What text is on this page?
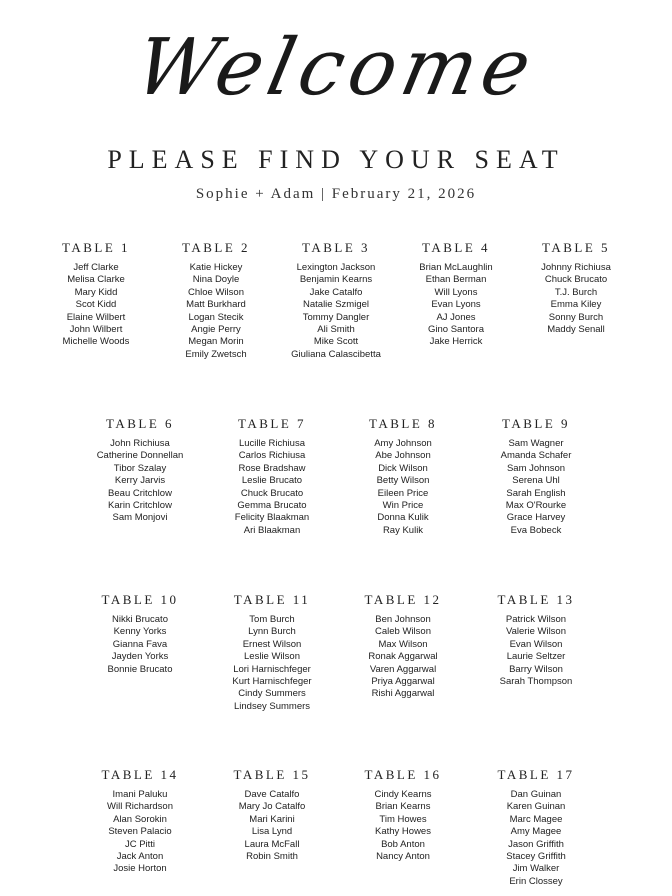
Welcome
PLEASE FIND YOUR SEAT
Sophie + Adam | February 21, 2026
TABLE 1
Jeff Clarke
Melisa Clarke
Mary Kidd
Scot Kidd
Elaine Wilbert
John Wilbert
Michelle Woods
TABLE 2
Katie Hickey
Nina Doyle
Chloe Wilson
Matt Burkhard
Logan Stecik
Angie Perry
Megan Morin
Emily Zwetsch
TABLE 3
Lexington Jackson
Benjamin Kearns
Jake Catalfo
Natalie Szmigel
Tommy Dangler
Ali Smith
Mike Scott
Giuliana Calascibetta
TABLE 4
Brian McLaughlin
Ethan Berman
Will Lyons
Evan Lyons
AJ Jones
Gino Santora
Jake Herrick
TABLE 5
Johnny Richiusa
Chuck Brucato
T.J. Burch
Emma Kiley
Sonny Burch
Maddy Senall
TABLE 6
John Richiusa
Catherine Donnellan
Tibor Szalay
Kerry Jarvis
Beau Critchlow
Karin Critchlow
Sam Monjovi
TABLE 7
Lucille Richiusa
Carlos Richiusa
Rose Bradshaw
Leslie Brucato
Chuck Brucato
Gemma Brucato
Felicity Blaakman
Ari Blaakman
TABLE 8
Amy Johnson
Abe Johnson
Dick Wilson
Betty Wilson
Eileen Price
Win Price
Donna Kulik
Ray Kulik
TABLE 9
Sam Wagner
Amanda Schafer
Sam Johnson
Serena Uhl
Sarah English
Max O'Rourke
Grace Harvey
Eva Bobeck
TABLE 10
Nikki Brucato
Kenny Yorks
Gianna Fava
Jayden Yorks
Bonnie Brucato
TABLE 11
Tom Burch
Lynn Burch
Ernest Wilson
Leslie Wilson
Lori Harnischfeger
Kurt Harnischfeger
Cindy Summers
Lindsey Summers
TABLE 12
Ben Johnson
Caleb Wilson
Max Wilson
Ronak Aggarwal
Varen Aggarwal
Priya Aggarwal
Rishi Aggarwal
TABLE 13
Patrick Wilson
Valerie Wilson
Evan Wilson
Laurie Seltzer
Barry Wilson
Sarah Thompson
TABLE 14
Imani Paluku
Will Richardson
Alan Sorokin
Steven Palacio
JC Pitti
Jack Anton
Josie Horton
TABLE 15
Dave Catalfo
Mary Jo Catalfo
Mari Karini
Lisa Lynd
Laura McFall
Robin Smith
TABLE 16
Cindy Kearns
Brian Kearns
Tim Howes
Kathy Howes
Bob Anton
Nancy Anton
TABLE 17
Dan Guinan
Karen Guinan
Marc Magee
Amy Magee
Jason Griffith
Stacey Griffith
Jim Walker
Erin Clossey
